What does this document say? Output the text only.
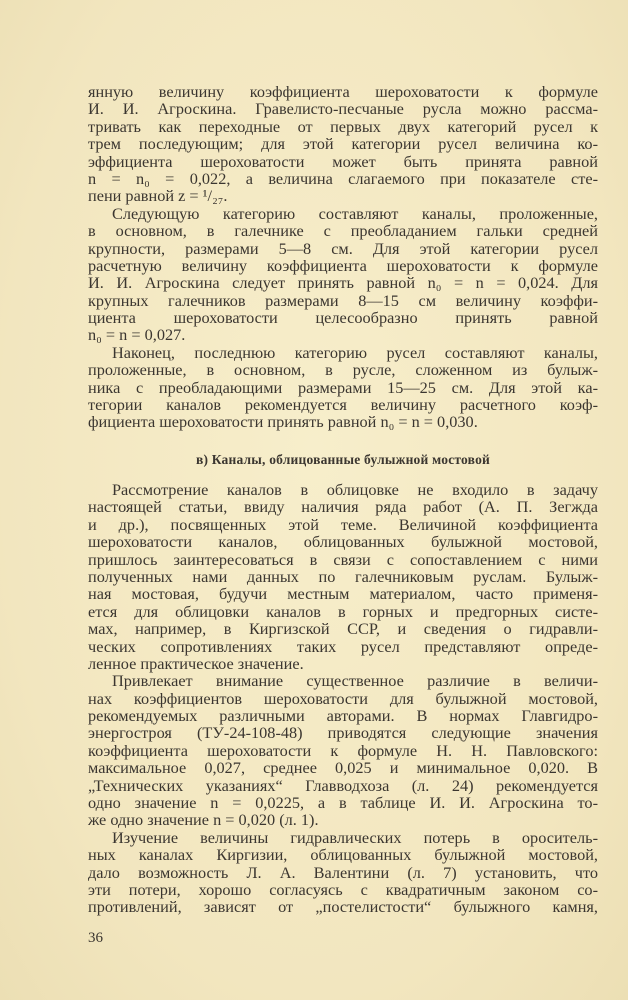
янную величину коэффициента шероховатости к формуле
И. И. Агроскина. Гравелисто-песчаные русла можно рассма-
тривать как переходные от первых двух категорий русел к
трем последующим; для этой категории русел величина ко-
эффициента шероховатости может быть принята равной
n = n₀ = 0,022, а величина слагаемого при показателе сте-
пени равной z = ¹/₂₇.
Следующую категорию составляют каналы, проложенные,
в основном, в галечнике с преобладанием гальки средней
крупности, размерами 5—8 см. Для этой категории русел
расчетную величину коэффициента шероховатости к формуле
И. И. Агроскина следует принять равной n₀ = n = 0,024. Для
крупных галечников размерами 8—15 см величину коэффи-
циента шероховатости целесообразно принять равной
n₀ = n = 0,027.
Наконец, последнюю категорию русел составляют каналы,
проложенные, в основном, в русле, сложенном из булыж-
ника с преобладающими размерами 15—25 см. Для этой ка-
тегории каналов рекомендуется величину расчетного коэф-
фициента шероховатости принять равной n₀ = n = 0,030.
в) Каналы, облицованные булыжной мостовой
Рассмотрение каналов в облицовке не входило в задачу
настоящей статьи, ввиду наличия ряда работ (А. П. Зегжда
и др.), посвященных этой теме. Величиной коэффициента
шероховатости каналов, облицованных булыжной мостовой,
пришлось заинтересоваться в связи с сопоставлением с ними
полученных нами данных по галечниковым руслам. Булыж-
ная мостовая, будучи местным материалом, часто применя-
ется для облицовки каналов в горных и предгорных систе-
мах, например, в Киргизской ССР, и сведения о гидравли-
ческих сопротивлениях таких русел представляют опреде-
ленное практическое значение.
Привлекает внимание существенное различие в величи-
нах коэффициентов шероховатости для булыжной мостовой,
рекомендуемых различными авторами. В нормах Главгидро-
энергостроя (ТУ-24-108-48) приводятся следующие значения
коэффициента шероховатости к формуле Н. Н. Павловского:
максимальное 0,027, среднее 0,025 и минимальное 0,020. В
„Технических указаниях“ Главводхоза (л. 24) рекомендуется
одно значение n = 0,0225, а в таблице И. И. Агроскина то-
же одно значение n = 0,020 (л. 1).
Изучение величины гидравлических потерь в ороситель-
ных каналах Киргизии, облицованных булыжной мостовой,
дало возможность Л. А. Валентини (л. 7) установить, что
эти потери, хорошо согласуясь с квадратичным законом со-
противлений, зависят от „постелистости“ булыжного камня,
36
